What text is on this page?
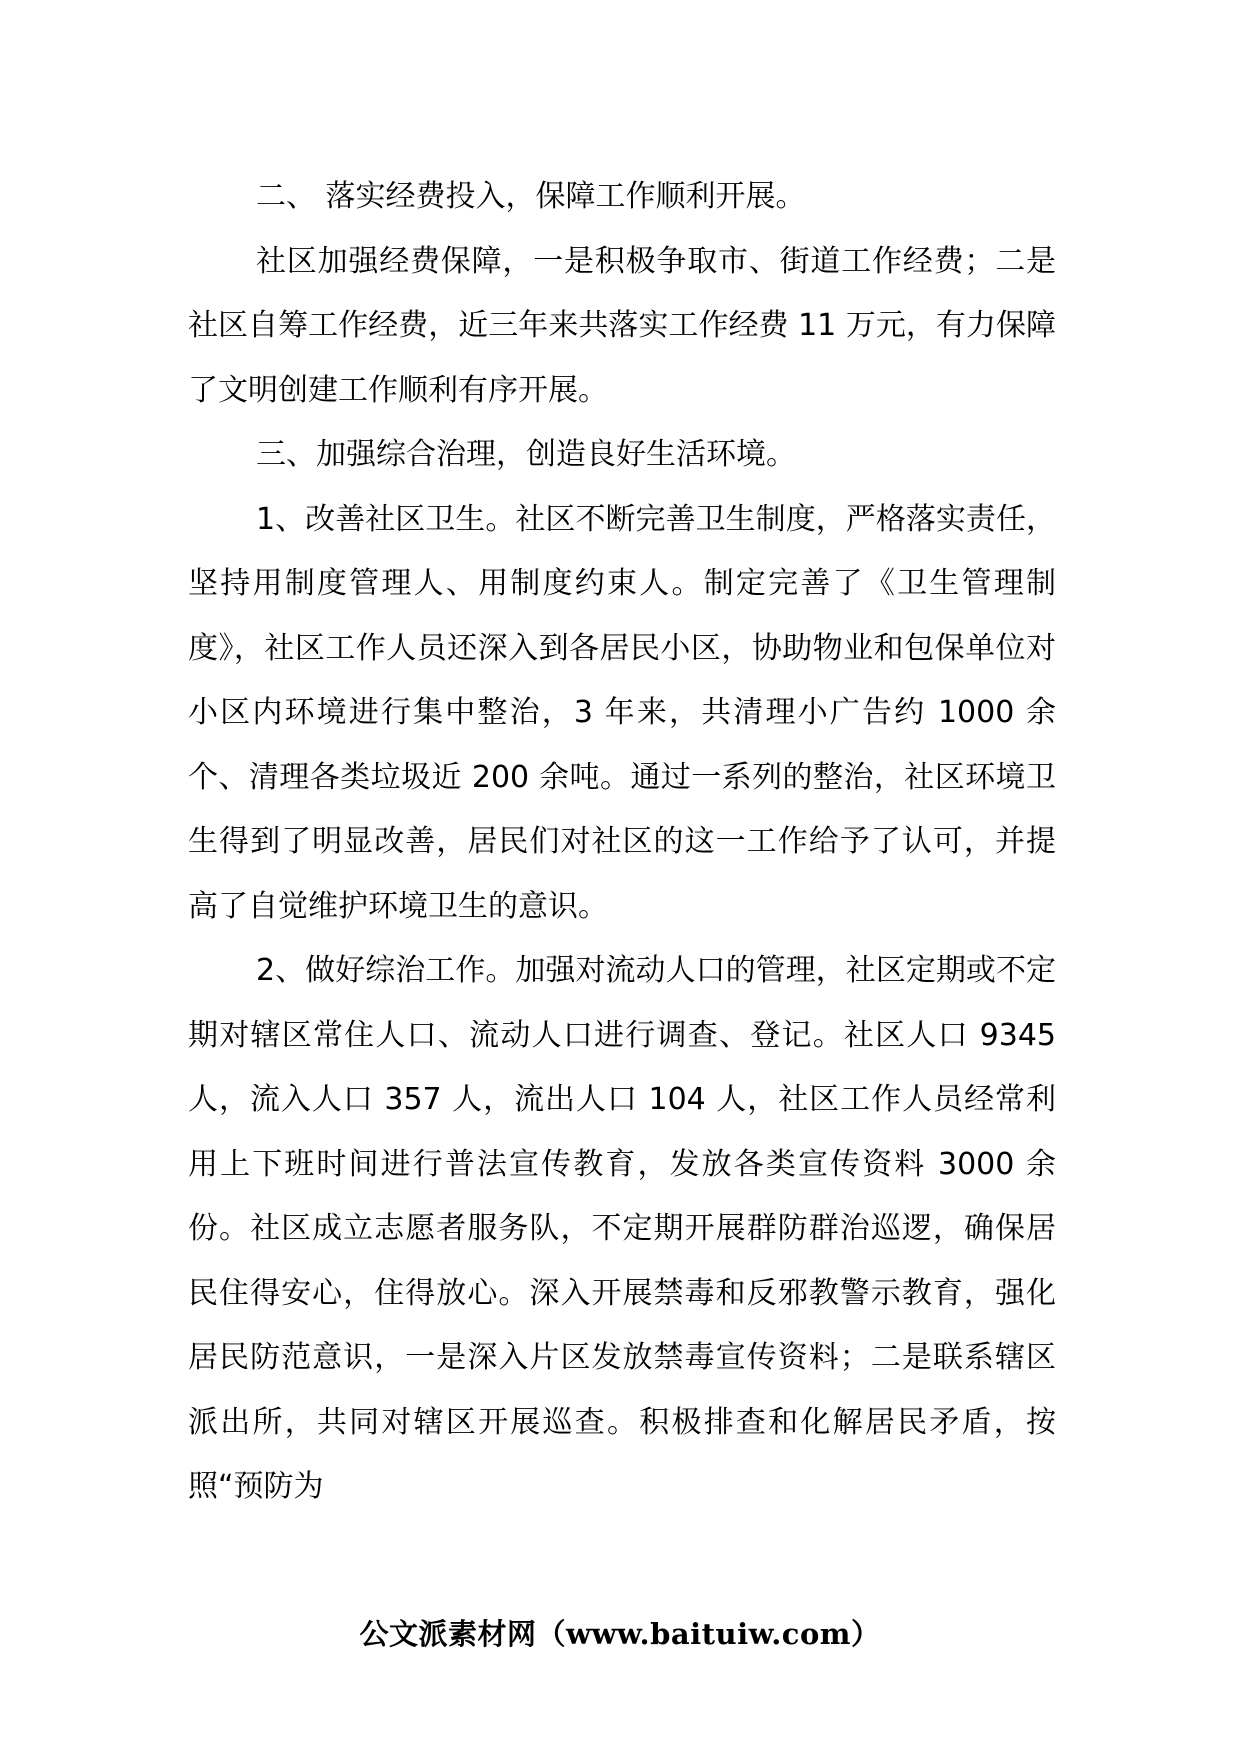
二、 落实经费投入，保障工作顺利开展。

社区加强经费保障，一是积极争取市、街道工作经费；二是社区自筹工作经费，近三年来共落实工作经费 11 万元，有力保障了文明创建工作顺利有序开展。

三、加强综合治理，创造良好生活环境。

1、改善社区卫生。社区不断完善卫生制度，严格落实责任，坚持用制度管理人、用制度约束人。制定完善了《卫生管理制度》，社区工作人员还深入到各居民小区，协助物业和包保单位对小区内环境进行集中整治，3 年来，共清理小广告约 1000 余个、清理各类垃圾近 200 余吨。通过一系列的整治，社区环境卫生得到了明显改善，居民们对社区的这一工作给予了认可，并提高了自觉维护环境卫生的意识。

2、做好综治工作。加强对流动人口的管理，社区定期或不定期对辖区常住人口、流动人口进行调查、登记。社区人口 9345 人，流入人口 357 人，流出人口 104 人，社区工作人员经常利用上下班时间进行普法宣传教育，发放各类宣传资料 3000 余份。社区成立志愿者服务队，不定期开展群防群治巡逻，确保居民住得安心，住得放心。深入开展禁毒和反邪教警示教育，强化居民防范意识，一是深入片区发放禁毒宣传资料；二是联系辖区派出所，共同对辖区开展巡查。积极排查和化解居民矛盾，按照“预防为

公文派素材网（www.baituiw.com）
